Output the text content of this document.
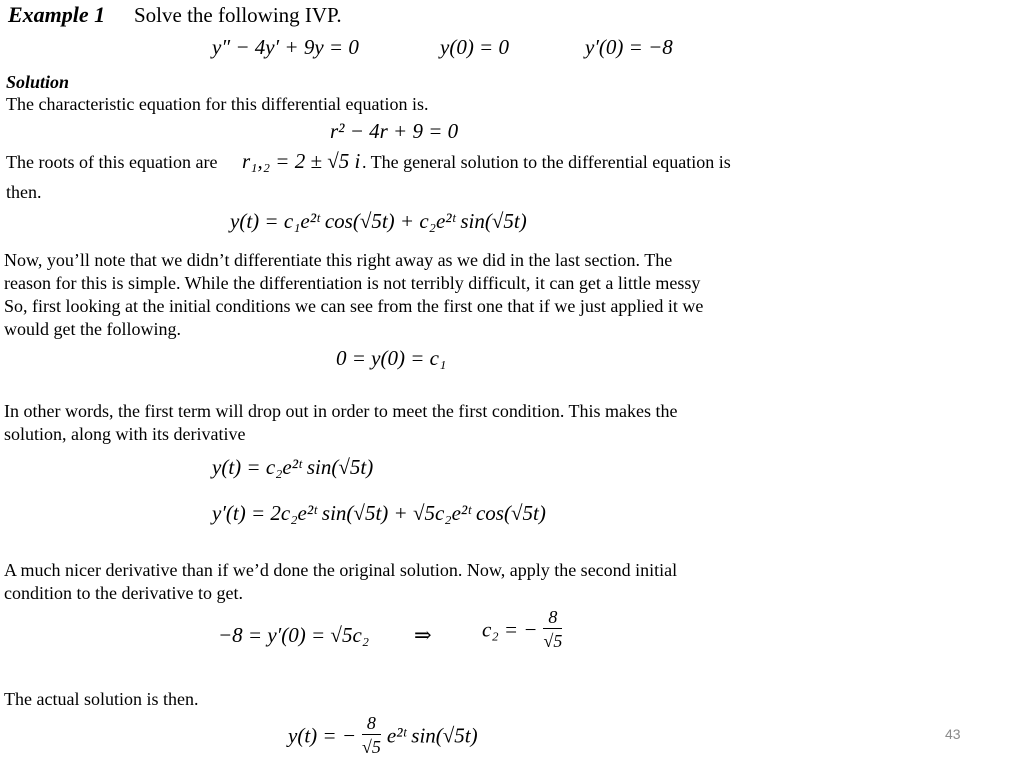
Example 1 Solve the following IVP.
y″ − 4y′ + 9y = 0	y(0) = 0	y′(0) = −8
Solution
The characteristic equation for this differential equation is.
r² − 4r + 9 = 0
The roots of this equation are r₁,₂ = 2 ± √5 i . The general solution to the differential equation is
then.
y(t) = c₁e²ᵗ cos(√5t) + c₂e²ᵗ sin(√5t)
Now, you’ll note that we didn’t differentiate this right away as we did in the last section. The
reason for this is simple. While the differentiation is not terribly difficult, it can get a little messy
So, first looking at the initial conditions we can see from the first one that if we just applied it we
would get the following.
0 = y(0) = c₁
In other words, the first term will drop out in order to meet the first condition. This makes the
solution, along with its derivative
y(t) = c₂e²ᵗ sin(√5t)
y′(t) = 2c₂e²ᵗ sin(√5t) + √5c₂e²ᵗ cos(√5t)
A much nicer derivative than if we’d done the original solution. Now, apply the second initial
condition to the derivative to get.
−8 = y′(0) = √5c₂ ⇒ c₂ = − $\frac{8}{√5}$
The actual solution is then.
y(t) = − $\frac{8}{√5}$ e²ᵗ sin(√5t)	43
